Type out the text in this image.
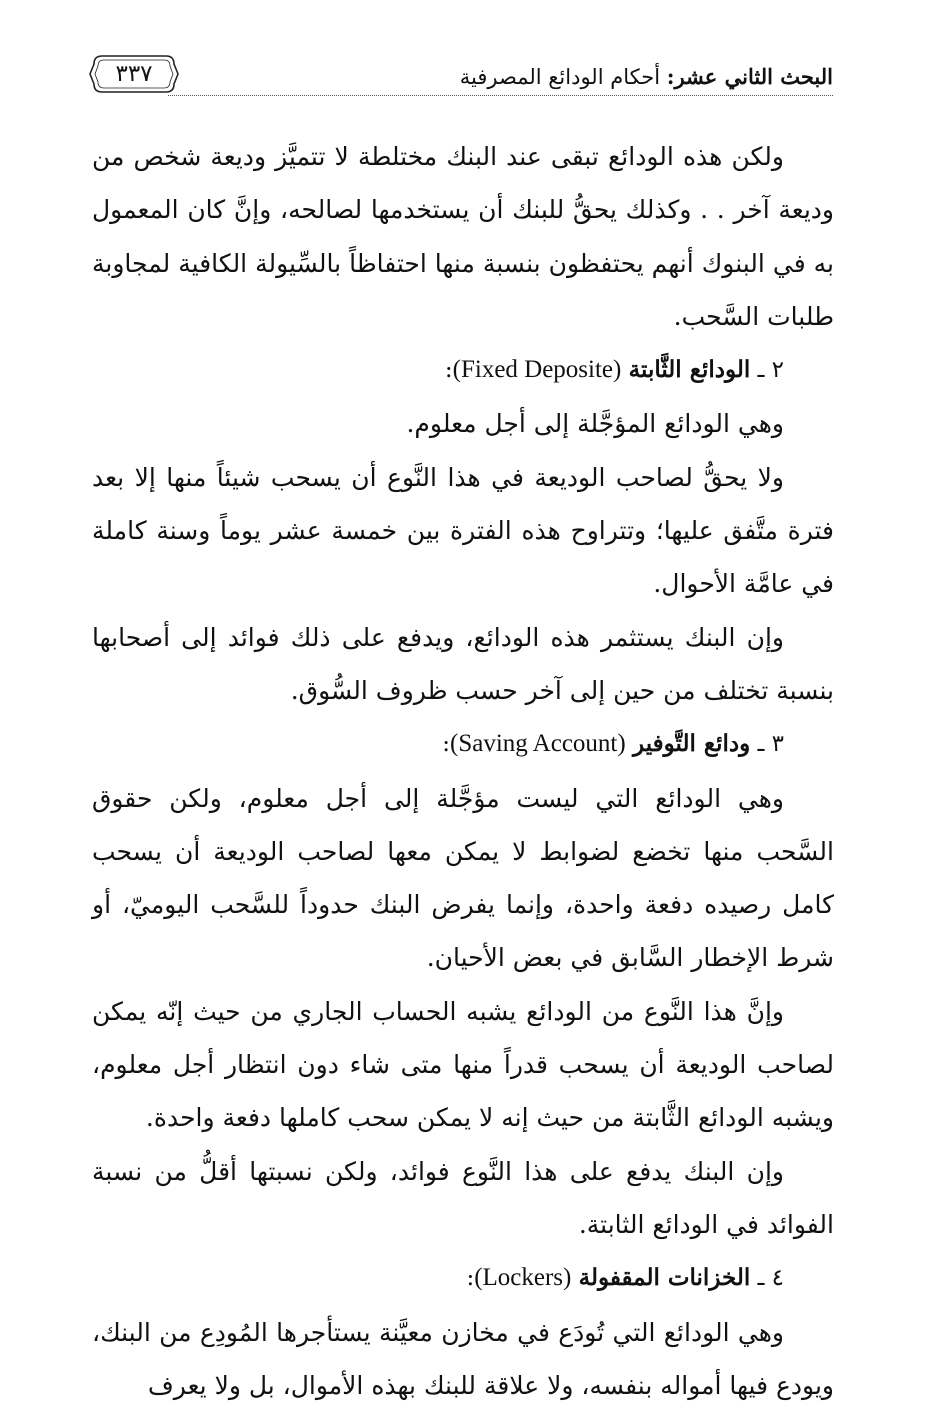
٣٣٧	البحث الثاني عشر: أحكام الودائع المصرفية

ولكن هذه الودائع تبقى عند البنك مختلطة لا تتميَّز وديعة شخص من وديعة آخر . . وكذلك يحقُّ للبنك أن يستخدمها لصالحه، وإنَّ كان المعمول به في البنوك أنهم يحتفظون بنسبة منها احتفاظاً بالسِّيولة الكافية لمجاوبة طلبات السَّحب.

٢ ـ الودائع الثَّابتة (Fixed Deposite):

وهي الودائع المؤجَّلة إلى أجل معلوم.

ولا يحقُّ لصاحب الوديعة في هذا النَّوع أن يسحب شيئاً منها إلا بعد فترة متَّفق عليها؛ وتتراوح هذه الفترة بين خمسة عشر يوماً وسنة كاملة في عامَّة الأحوال.

وإن البنك يستثمر هذه الودائع، ويدفع على ذلك فوائد إلى أصحابها بنسبة تختلف من حين إلى آخر حسب ظروف السُّوق.

٣ ـ ودائع التَّوفير (Saving Account):

وهي الودائع التي ليست مؤجَّلة إلى أجل معلوم، ولكن حقوق السَّحب منها تخضع لضوابط لا يمكن معها لصاحب الوديعة أن يسحب كامل رصيده دفعة واحدة، وإنما يفرض البنك حدوداً للسَّحب اليوميّ، أو شرط الإخطار السَّابق في بعض الأحيان.

وإنَّ هذا النَّوع من الودائع يشبه الحساب الجاري من حيث إنّه يمكن لصاحب الوديعة أن يسحب قدراً منها متى شاء دون انتظار أجل معلوم، ويشبه الودائع الثَّابتة من حيث إنه لا يمكن سحب كاملها دفعة واحدة.

وإن البنك يدفع على هذا النَّوع فوائد، ولكن نسبتها أقلُّ من نسبة الفوائد في الودائع الثابتة.

٤ ـ الخزانات المقفولة (Lockers):

وهي الودائع التي تُودَع في مخازن معيَّنة يستأجرها المُودِع من البنك، ويودع فيها أمواله بنفسه، ولا علاقة للبنك بهذه الأموال، بل ولا يعرف
